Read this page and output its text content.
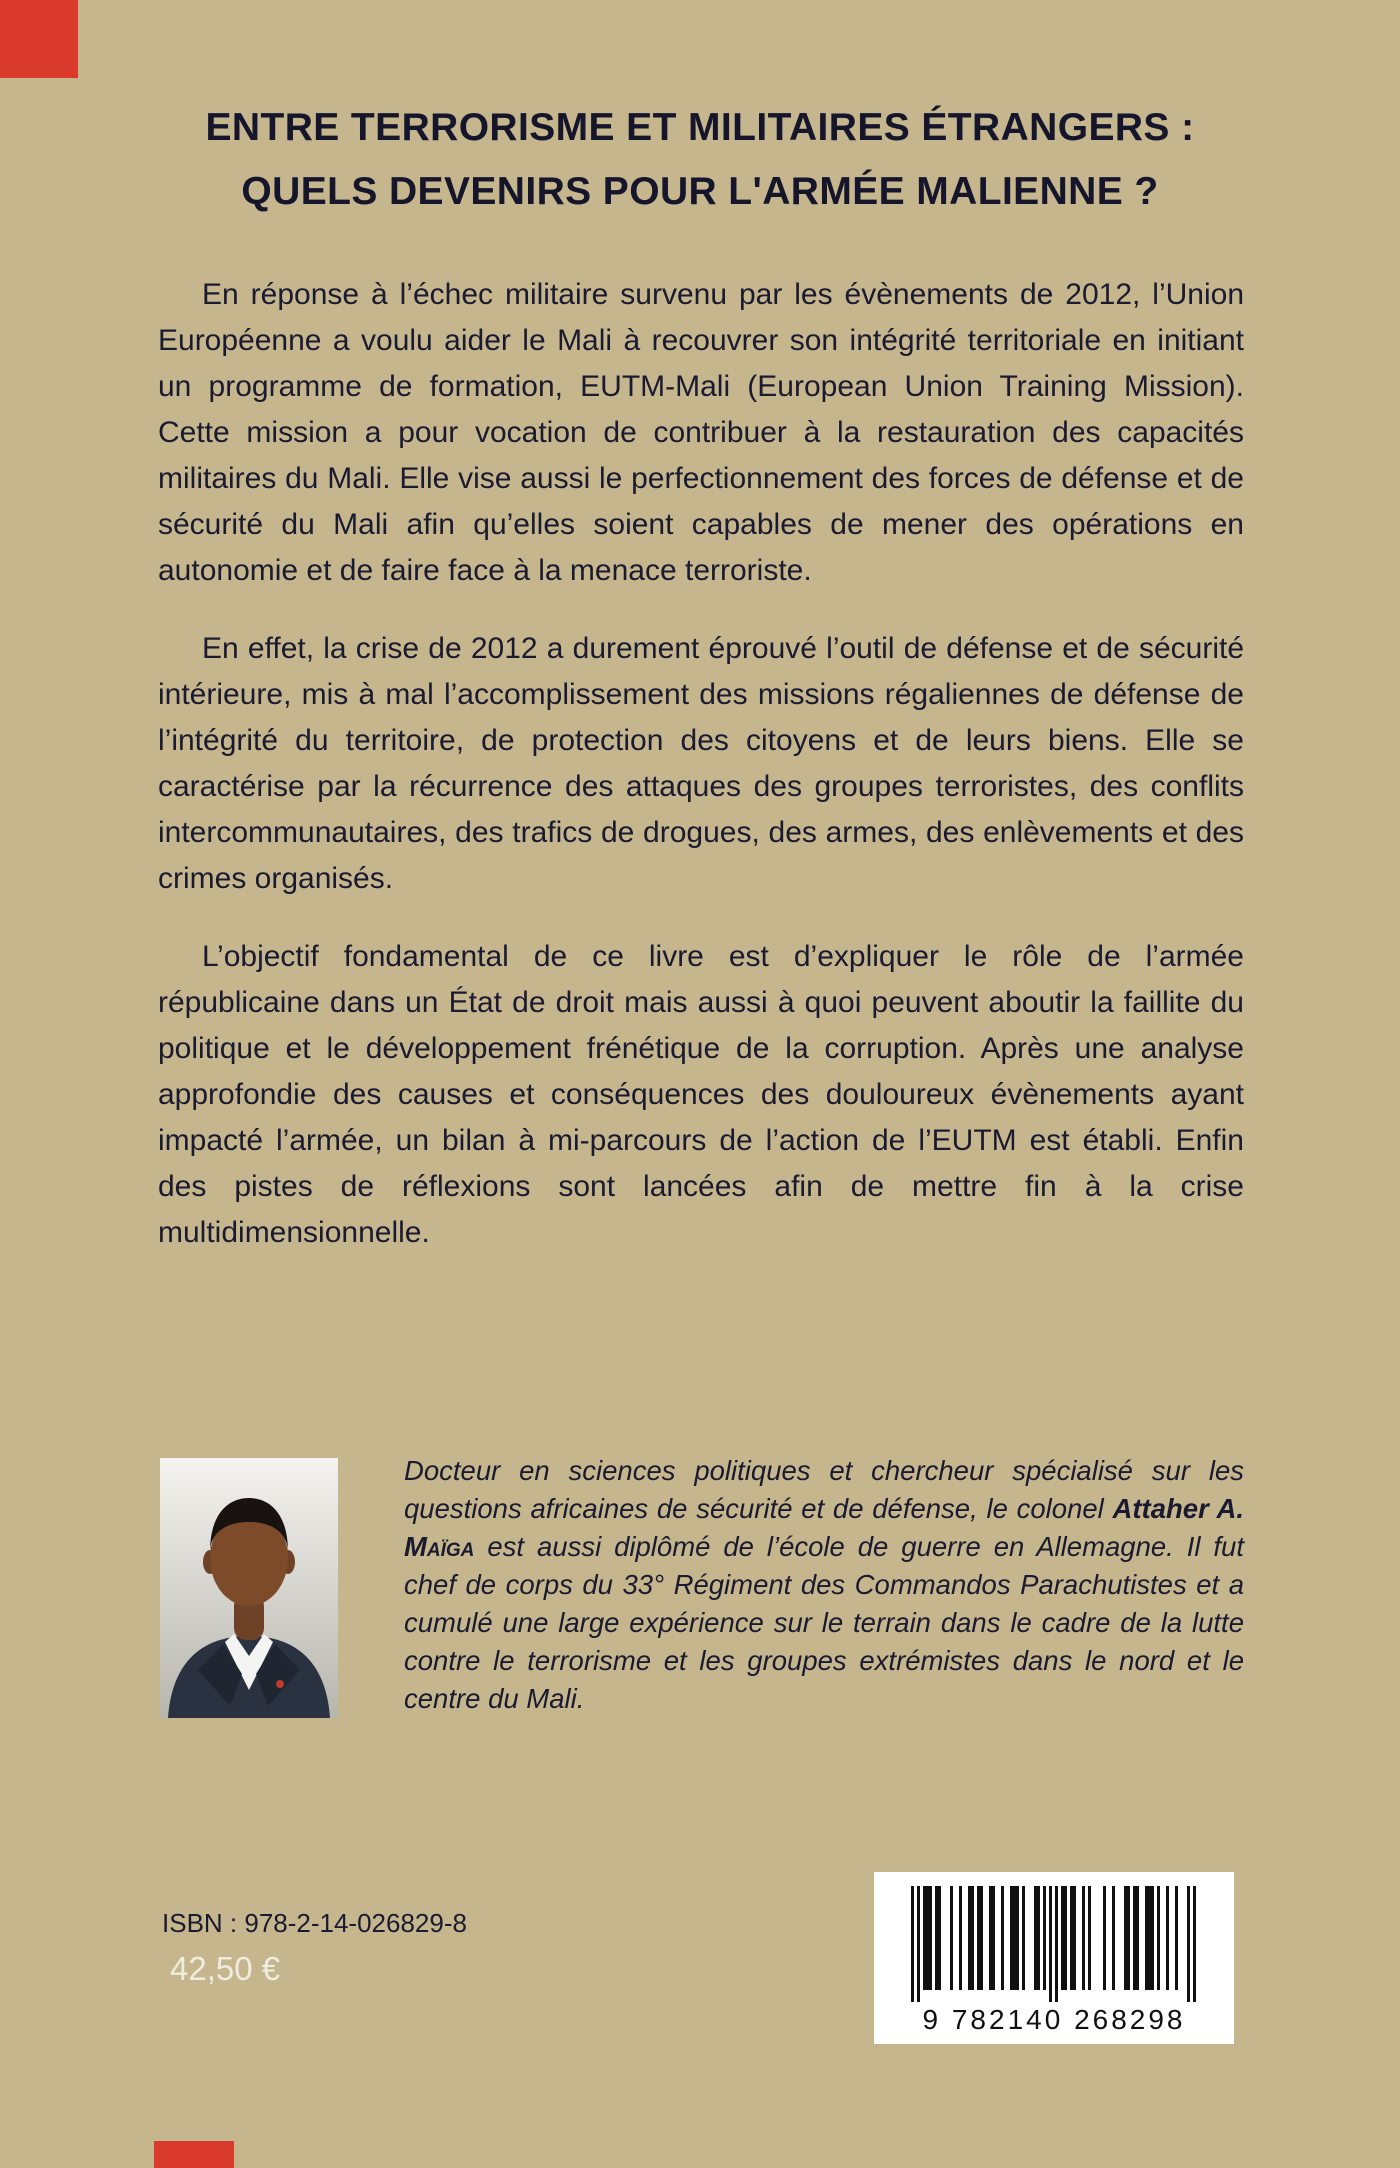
ENTRE TERRORISME ET MILITAIRES ÉTRANGERS :
QUELS DEVENIRS POUR L'ARMÉE MALIENNE ?

En réponse à l’échec militaire survenu par les évènements de 2012, l’Union Européenne a voulu aider le Mali à recouvrer son intégrité territoriale en initiant un programme de formation, EUTM-Mali (European Union Training Mission). Cette mission a pour vocation de contribuer à la restauration des capacités militaires du Mali. Elle vise aussi le perfectionnement des forces de défense et de sécurité du Mali afin qu’elles soient capables de mener des opérations en autonomie et de faire face à la menace terroriste.

En effet, la crise de 2012 a durement éprouvé l’outil de défense et de sécurité intérieure, mis à mal l’accomplissement des missions régaliennes de défense de l’intégrité du territoire, de protection des citoyens et de leurs biens. Elle se caractérise par la récurrence des attaques des groupes terroristes, des conflits intercommunautaires, des trafics de drogues, des armes, des enlèvements et des crimes organisés.

L’objectif fondamental de ce livre est d’expliquer le rôle de l’armée républicaine dans un État de droit mais aussi à quoi peuvent aboutir la faillite du politique et le développement frénétique de la corruption. Après une analyse approfondie des causes et conséquences des douloureux évènements ayant impacté l’armée, un bilan à mi-parcours de l’action de l’EUTM est établi. Enfin des pistes de réflexions sont lancées afin de mettre fin à la crise multidimensionnelle.

Docteur en sciences politiques et chercheur spécialisé sur les questions africaines de sécurité et de défense, le colonel Attaher A. Maïga est aussi diplômé de l’école de guerre en Allemagne. Il fut chef de corps du 33° Régiment des Commandos Parachutistes et a cumulé une large expérience sur le terrain dans le cadre de la lutte contre le terrorisme et les groupes extrémistes dans le nord et le centre du Mali.

ISBN : 978-2-14-026829-8
42,50 €
9 782140 268298
